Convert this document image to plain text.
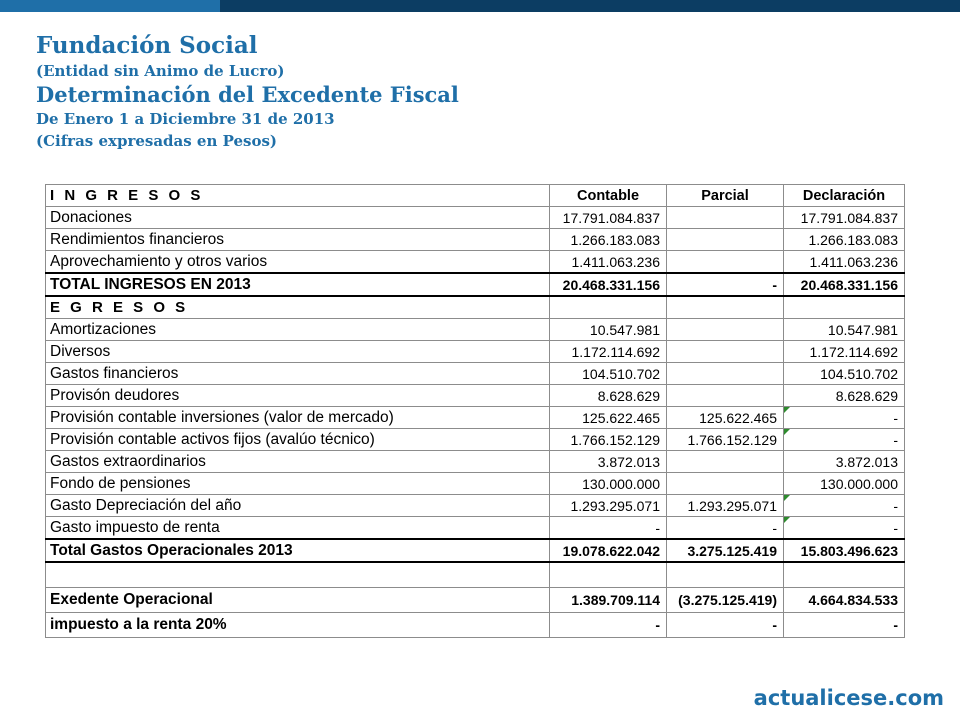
Fundación Social
(Entidad sin Animo de Lucro)
Determinación del Excedente Fiscal
De Enero 1 a Diciembre 31 de 2013
(Cifras expresadas en Pesos)
I N G R E S O S	Contable	Parcial	Declaración
Donaciones	17.791.084.837		17.791.084.837
Rendimientos financieros	1.266.183.083		1.266.183.083
Aprovechamiento y otros varios	1.411.063.236		1.411.063.236
TOTAL INGRESOS EN 2013	20.468.331.156	-	20.468.331.156
E G R E S O S			
Amortizaciones	10.547.981		10.547.981
Diversos	1.172.114.692		1.172.114.692
Gastos financieros	104.510.702		104.510.702
Provisón deudores	8.628.629		8.628.629
Provisión contable inversiones (valor de mercado)	125.622.465	125.622.465	-
Provisión contable activos fijos (avalúo técnico)	1.766.152.129	1.766.152.129	-
Gastos extraordinarios	3.872.013		3.872.013
Fondo de pensiones	130.000.000		130.000.000
Gasto Depreciación del año	1.293.295.071	1.293.295.071	-
Gasto impuesto de renta	-	-	-
Total Gastos Operacionales 2013	19.078.622.042	3.275.125.419	15.803.496.623

Exedente Operacional	1.389.709.114	(3.275.125.419)	4.664.834.533
impuesto a la renta 20%	-	-	-
actualicese.com
